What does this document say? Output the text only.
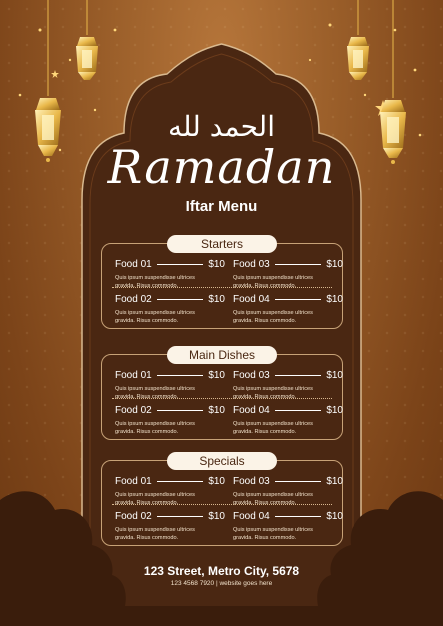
الحمد لله
Ramadan
Iftar Menu
Starters
Food 01	$10
Quis ipsum suspendisse ultrices
gravida. Risus commodo.
Food 03	$10
Quis ipsum suspendisse ultrices
gravida. Risus commodo.
Food 02	$10
Quis ipsum suspendisse ultrices
gravida. Risus commodo.
Food 04	$10
Quis ipsum suspendisse ultrices
gravida. Risus commodo.
Main Dishes
Food 01	$10
Quis ipsum suspendisse ultrices
gravida. Risus commodo.
Food 03	$10
Quis ipsum suspendisse ultrices
gravida. Risus commodo.
Food 02	$10
Quis ipsum suspendisse ultrices
gravida. Risus commodo.
Food 04	$10
Quis ipsum suspendisse ultrices
gravida. Risus commodo.
Specials
Food 01	$10
Quis ipsum suspendisse ultrices
gravida. Risus commodo.
Food 03	$10
Quis ipsum suspendisse ultrices
gravida. Risus commodo.
Food 02	$10
Quis ipsum suspendisse ultrices
gravida. Risus commodo.
Food 04	$10
Quis ipsum suspendisse ultrices
gravida. Risus commodo.
123 Street, Metro City, 5678
123 4568 7920 | website goes here
